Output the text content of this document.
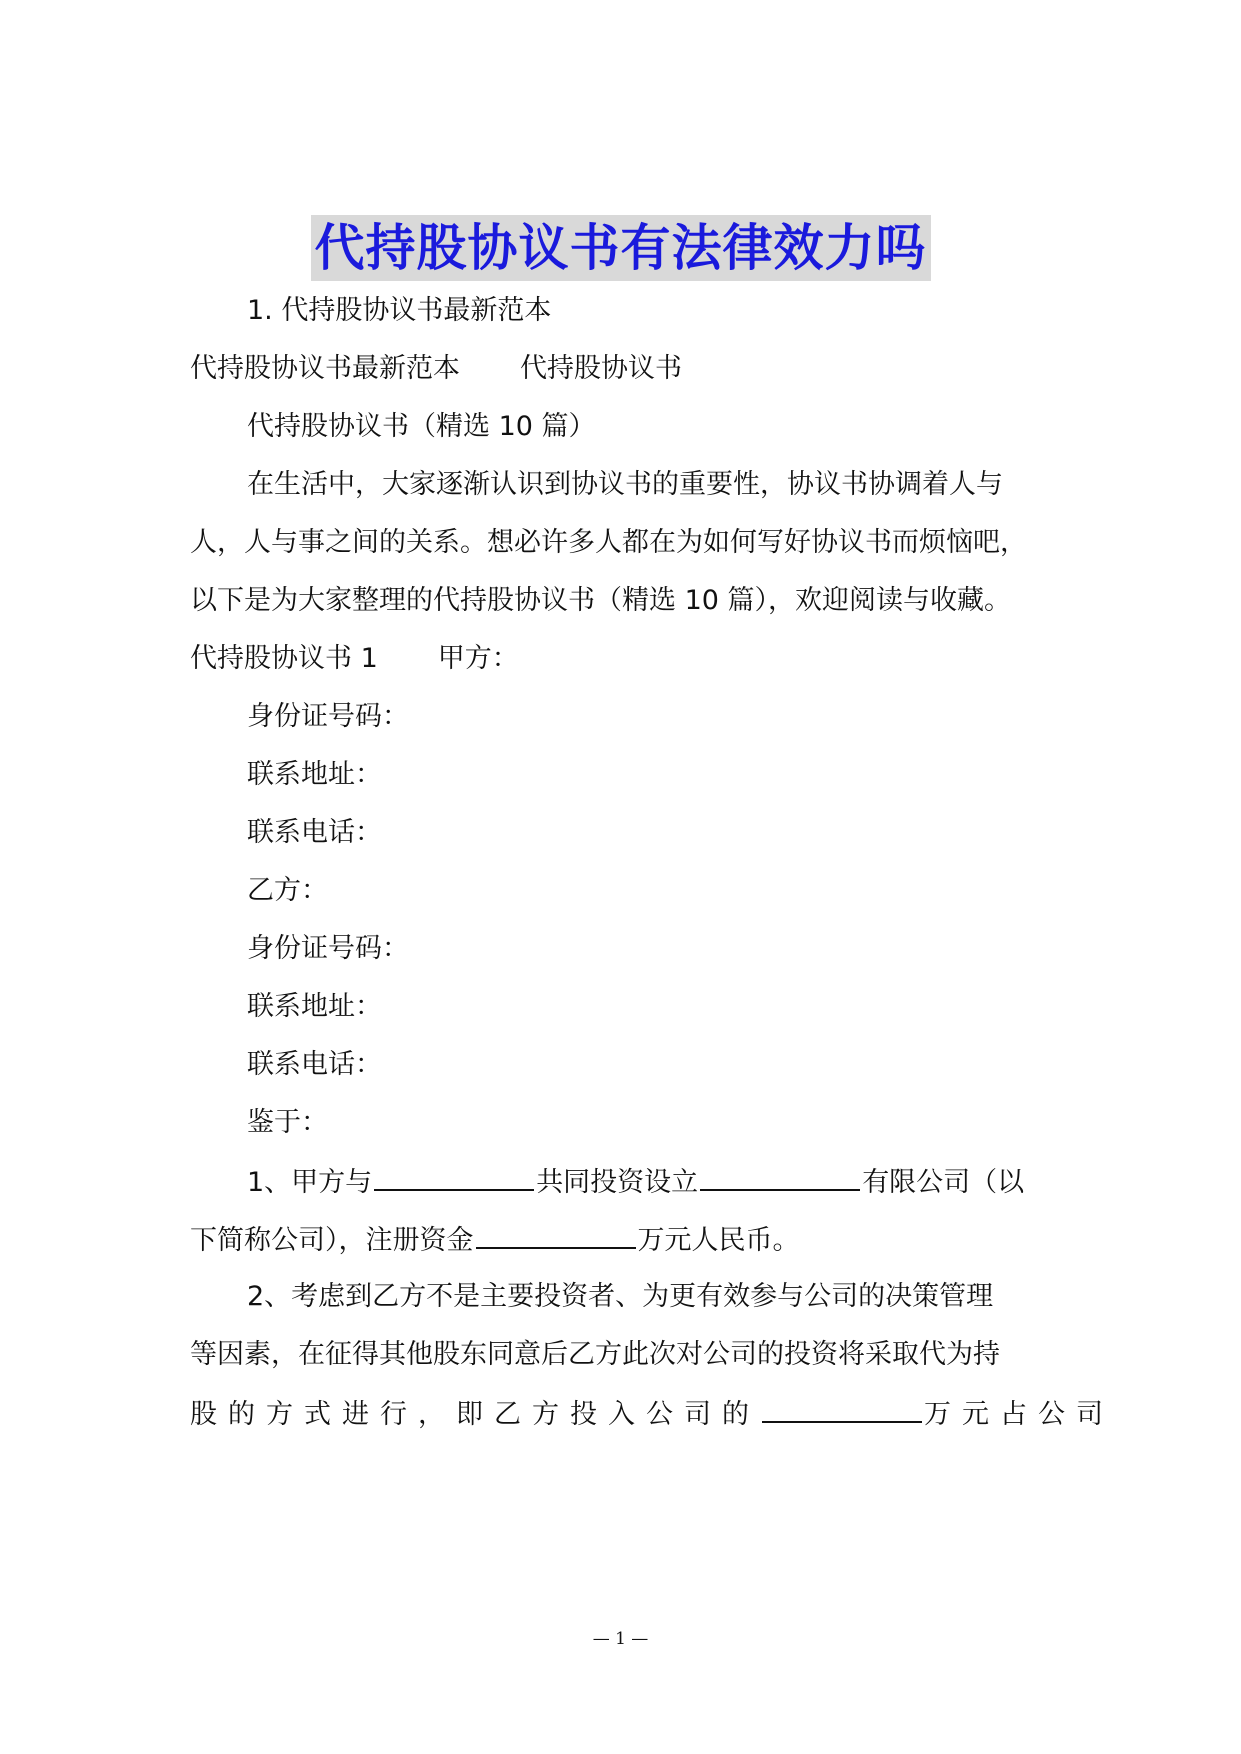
代持股协议书有法律效力吗
1. 代持股协议书最新范本
代持股协议书最新范本 代持股协议书
代持股协议书（精选 10 篇）
在生活中，大家逐渐认识到协议书的重要性，协议书协调着人与
人，人与事之间的关系。想必许多人都在为如何写好协议书而烦恼吧，
以下是为大家整理的代持股协议书（精选 10 篇），欢迎阅读与收藏。
代持股协议书 1 甲方：
身份证号码：
联系地址：
联系电话：
乙方：
身份证号码：
联系地址：
联系电话：
鉴于：
1、甲方与	共同投资设立	有限公司（以
下简称公司），注册资金	万元人民币。
2、考虑到乙方不是主要投资者、为更有效参与公司的决策管理
等因素，在征得其他股东同意后乙方此次对公司的投资将采取代为持
股的方式进行，即乙方投入公司的	万元占公司
— 1 —
